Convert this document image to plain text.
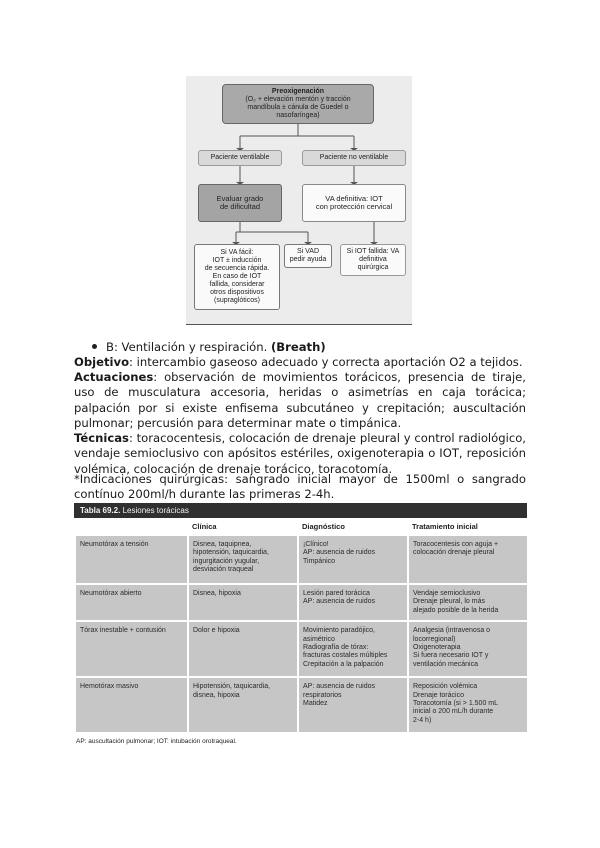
Preoxigenación
(O₂ + elevación mentón y tracción
mandíbula ± cánula de Guedel o
nasofaríngea)
Paciente ventilable	Paciente no ventilable
Evaluar grado
de dificultad
VA definitiva: IOT
con protección cervical
Si VA fácil:
IOT ± inducción
de secuencia rápida.
En caso de IOT
fallida, considerar
otros dispositivos
(supraglóticos)
Si VAD
pedir ayuda
Si IOT fallida: VA definitiva
quirúrgica
B: Ventilación y respiración. (Breath)
Objetivo: intercambio gaseoso adecuado y correcta aportación O2 a tejidos.
Actuaciones: observación de movimientos torácicos, presencia de tiraje, uso de musculatura accesoria, heridas o asimetrías en caja torácica; palpación por si existe enfisema subcutáneo y crepitación; auscultación pulmonar; percusión para determinar mate o timpánica.
Técnicas: toracocentesis, colocación de drenaje pleural y control radiológico, vendaje semioclusivo con apósitos estériles, oxigenoterapia o IOT, reposición volémica, colocación de drenaje torácico, toracotomía.
*Indicaciones quirúrgicas: sangrado inicial mayor de 1500ml o sangrado contínuo 200ml/h durante las primeras 2-4h.
Tabla 69.2. Lesiones torácicas
	Clínica	Diagnóstico	Tratamiento inicial

Neumotórax a tensión	Disnea, taquipnea,
hipotensión, taquicardia,
ingurgitación yugular,
desviación traqueal	¡Clínico!
AP: ausencia de ruidos
Timpánico	Toracocentesis con aguja +
colocación drenaje pleural

Neumotórax abierto	Disnea, hipoxia	Lesión pared torácica
AP: ausencia de ruidos	Vendaje semioclusivo
Drenaje pleural, lo más
alejado posible de la herida

Tórax inestable + contusión	Dolor e hipoxia	Movimiento paradójico,
asimétrico
Radiografía de tórax:
fracturas costales múltiples
Crepitación a la palpación	Analgesia (intravenosa o
locorregional)
Oxigenoterapia
Si fuera necesario IOT y
ventilación mecánica

Hemotórax masivo	Hipotensión, taquicardia,
disnea, hipoxia	AP: ausencia de ruidos
respiratorios
Matidez	Reposición volémica
Drenaje torácico
Toracotomía (si > 1.500 mL
inicial o 200 mL/h durante
2-4 h)
AP: auscultación pulmonar; IOT: intubación orotraqueal.
